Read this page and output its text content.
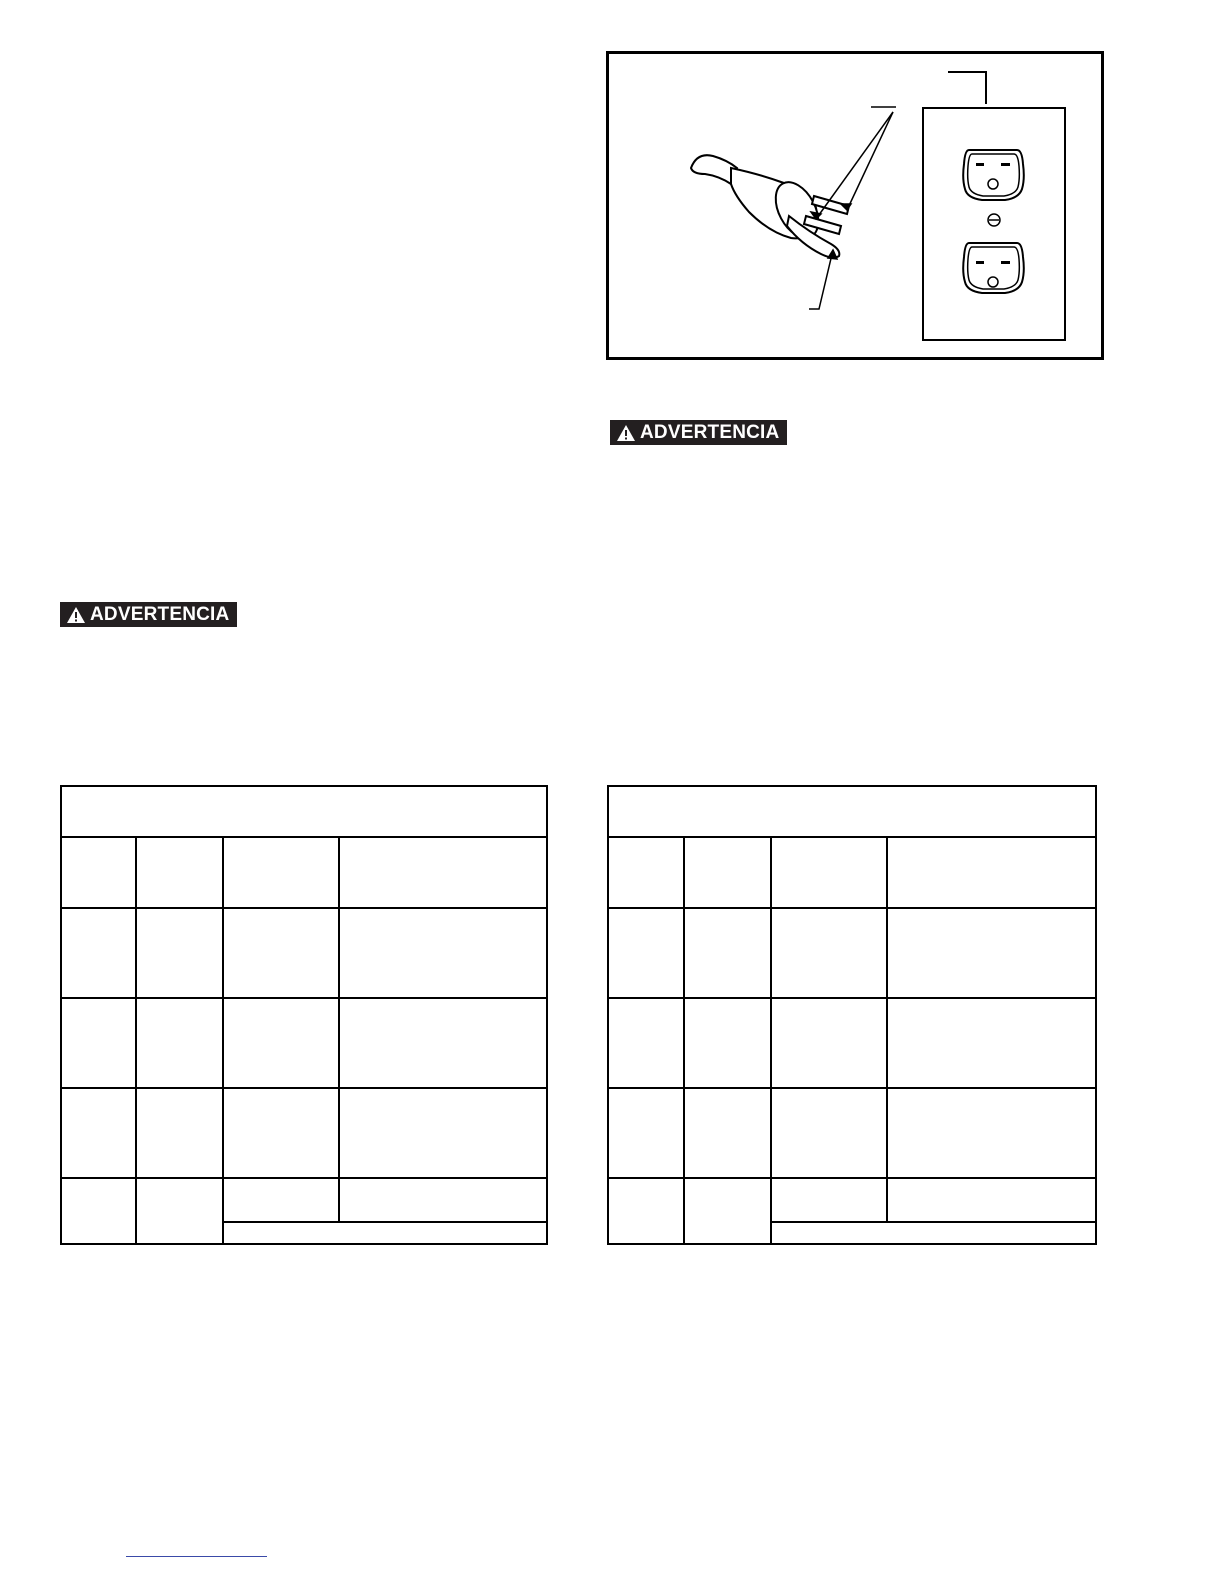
ADVERTENCIA
ADVERTENCIA
